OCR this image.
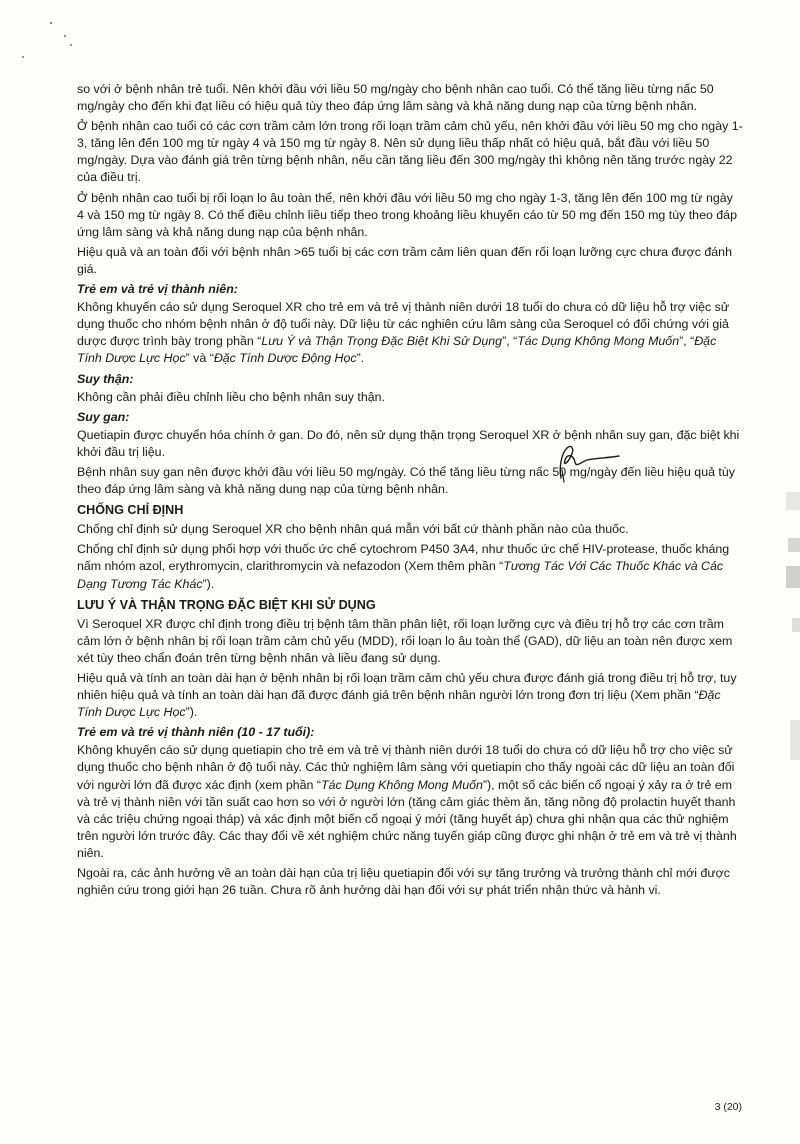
so với ở bệnh nhân trẻ tuổi. Nên khởi đầu với liều 50 mg/ngày cho bệnh nhân cao tuổi. Có thể tăng liều từng nấc 50 mg/ngày cho đến khi đạt liều có hiệu quả tùy theo đáp ứng lâm sàng và khả năng dung nạp của từng bệnh nhân.

Ở bệnh nhân cao tuổi có các cơn trầm cảm lớn trong rối loạn trầm cảm chủ yếu, nên khởi đầu với liều 50 mg cho ngày 1-3, tăng lên đến 100 mg từ ngày 4 và 150 mg từ ngày 8. Nên sử dụng liều thấp nhất có hiệu quả, bắt đầu với liều 50 mg/ngày. Dựa vào đánh giá trên từng bệnh nhân, nếu cần tăng liều đến 300 mg/ngày thì không nên tăng trước ngày 22 của điều trị.

Ở bệnh nhân cao tuổi bị rối loạn lo âu toàn thể, nên khởi đầu với liều 50 mg cho ngày 1-3, tăng lên đến 100 mg từ ngày 4 và 150 mg từ ngày 8. Có thể điều chỉnh liều tiếp theo trong khoảng liều khuyến cáo từ 50 mg đến 150 mg tùy theo đáp ứng lâm sàng và khả năng dung nạp của bệnh nhân.

Hiệu quả và an toàn đối với bệnh nhân >65 tuổi bị các cơn trầm cảm liên quan đến rối loạn lưỡng cực chưa được đánh giá.

Trẻ em và trẻ vị thành niên:

Không khuyến cáo sử dụng Seroquel XR cho trẻ em và trẻ vị thành niên dưới 18 tuổi do chưa có dữ liệu hỗ trợ việc sử dụng thuốc cho nhóm bệnh nhân ở độ tuổi này. Dữ liệu từ các nghiên cứu lâm sàng của Seroquel có đối chứng với giả dược được trình bày trong phần “Lưu Ý và Thận Trọng Đặc Biệt Khi Sử Dụng”, “Tác Dụng Không Mong Muốn”, “Đặc Tính Dược Lực Học” và “Đặc Tính Dược Động Học”.

Suy thận:

Không cần phải điều chỉnh liều cho bệnh nhân suy thận.

Suy gan:

Quetiapin được chuyển hóa chính ở gan. Do đó, nên sử dụng thận trọng Seroquel XR ở bệnh nhân suy gan, đặc biệt khi khởi đầu trị liệu.

Bệnh nhân suy gan nên được khởi đầu với liều 50 mg/ngày. Có thể tăng liều từng nấc 50 mg/ngày đến liều hiệu quả tùy theo đáp ứng lâm sàng và khả năng dung nạp của từng bệnh nhân.

CHỐNG CHỈ ĐỊNH

Chống chỉ định sử dụng Seroquel XR cho bệnh nhân quá mẫn với bất cứ thành phần nào của thuốc.

Chống chỉ định sử dụng phối hợp với thuốc ức chế cytochrom P450 3A4, như thuốc ức chế HIV-protease, thuốc kháng nấm nhóm azol, erythromycin, clarithromycin và nefazodon (Xem thêm phần “Tương Tác Với Các Thuốc Khác và Các Dạng Tương Tác Khác”).

LƯU Ý VÀ THẬN TRỌNG ĐẶC BIỆT KHI SỬ DỤNG

Vì Seroquel XR được chỉ định trong điều trị bệnh tâm thần phân liệt, rối loạn lưỡng cực và điều trị hỗ trợ các cơn trầm cảm lớn ở bệnh nhân bị rối loạn trầm cảm chủ yếu (MDD), rối loạn lo âu toàn thể (GAD), dữ liệu an toàn nên được xem xét tùy theo chẩn đoán trên từng bệnh nhân và liều đang sử dụng.

Hiệu quả và tính an toàn dài hạn ở bệnh nhân bị rối loạn trầm cảm chủ yếu chưa được đánh giá trong điều trị hỗ trợ, tuy nhiên hiệu quả và tính an toàn dài hạn đã được đánh giá trên bệnh nhân người lớn trong đơn trị liệu (Xem phần “Đặc Tính Dược Lực Học”).

Trẻ em và trẻ vị thành niên (10 - 17 tuổi):

Không khuyến cáo sử dụng quetiapin cho trẻ em và trẻ vị thành niên dưới 18 tuổi do chưa có dữ liệu hỗ trợ cho việc sử dụng thuốc cho bệnh nhân ở độ tuổi này. Các thử nghiệm lâm sàng với quetiapin cho thấy ngoài các dữ liệu an toàn đối với người lớn đã được xác định (xem phần “Tác Dụng Không Mong Muốn”), một số các biến cố ngoại ý xảy ra ở trẻ em và trẻ vị thành niên với tần suất cao hơn so với ở người lớn (tăng cảm giác thèm ăn, tăng nồng độ prolactin huyết thanh và các triệu chứng ngoại tháp) và xác định một biến cố ngoại ý mới (tăng huyết áp) chưa ghi nhận qua các thử nghiệm trên người lớn trước đây. Các thay đổi về xét nghiệm chức năng tuyến giáp cũng được ghi nhận ở trẻ em và trẻ vị thành niên.

Ngoài ra, các ảnh hưởng về an toàn dài hạn của trị liệu quetiapin đối với sự tăng trưởng và trưởng thành chỉ mới được nghiên cứu trong giới hạn 26 tuần. Chưa rõ ảnh hưởng dài hạn đối với sự phát triển nhận thức và hành vi.

3 (20)
